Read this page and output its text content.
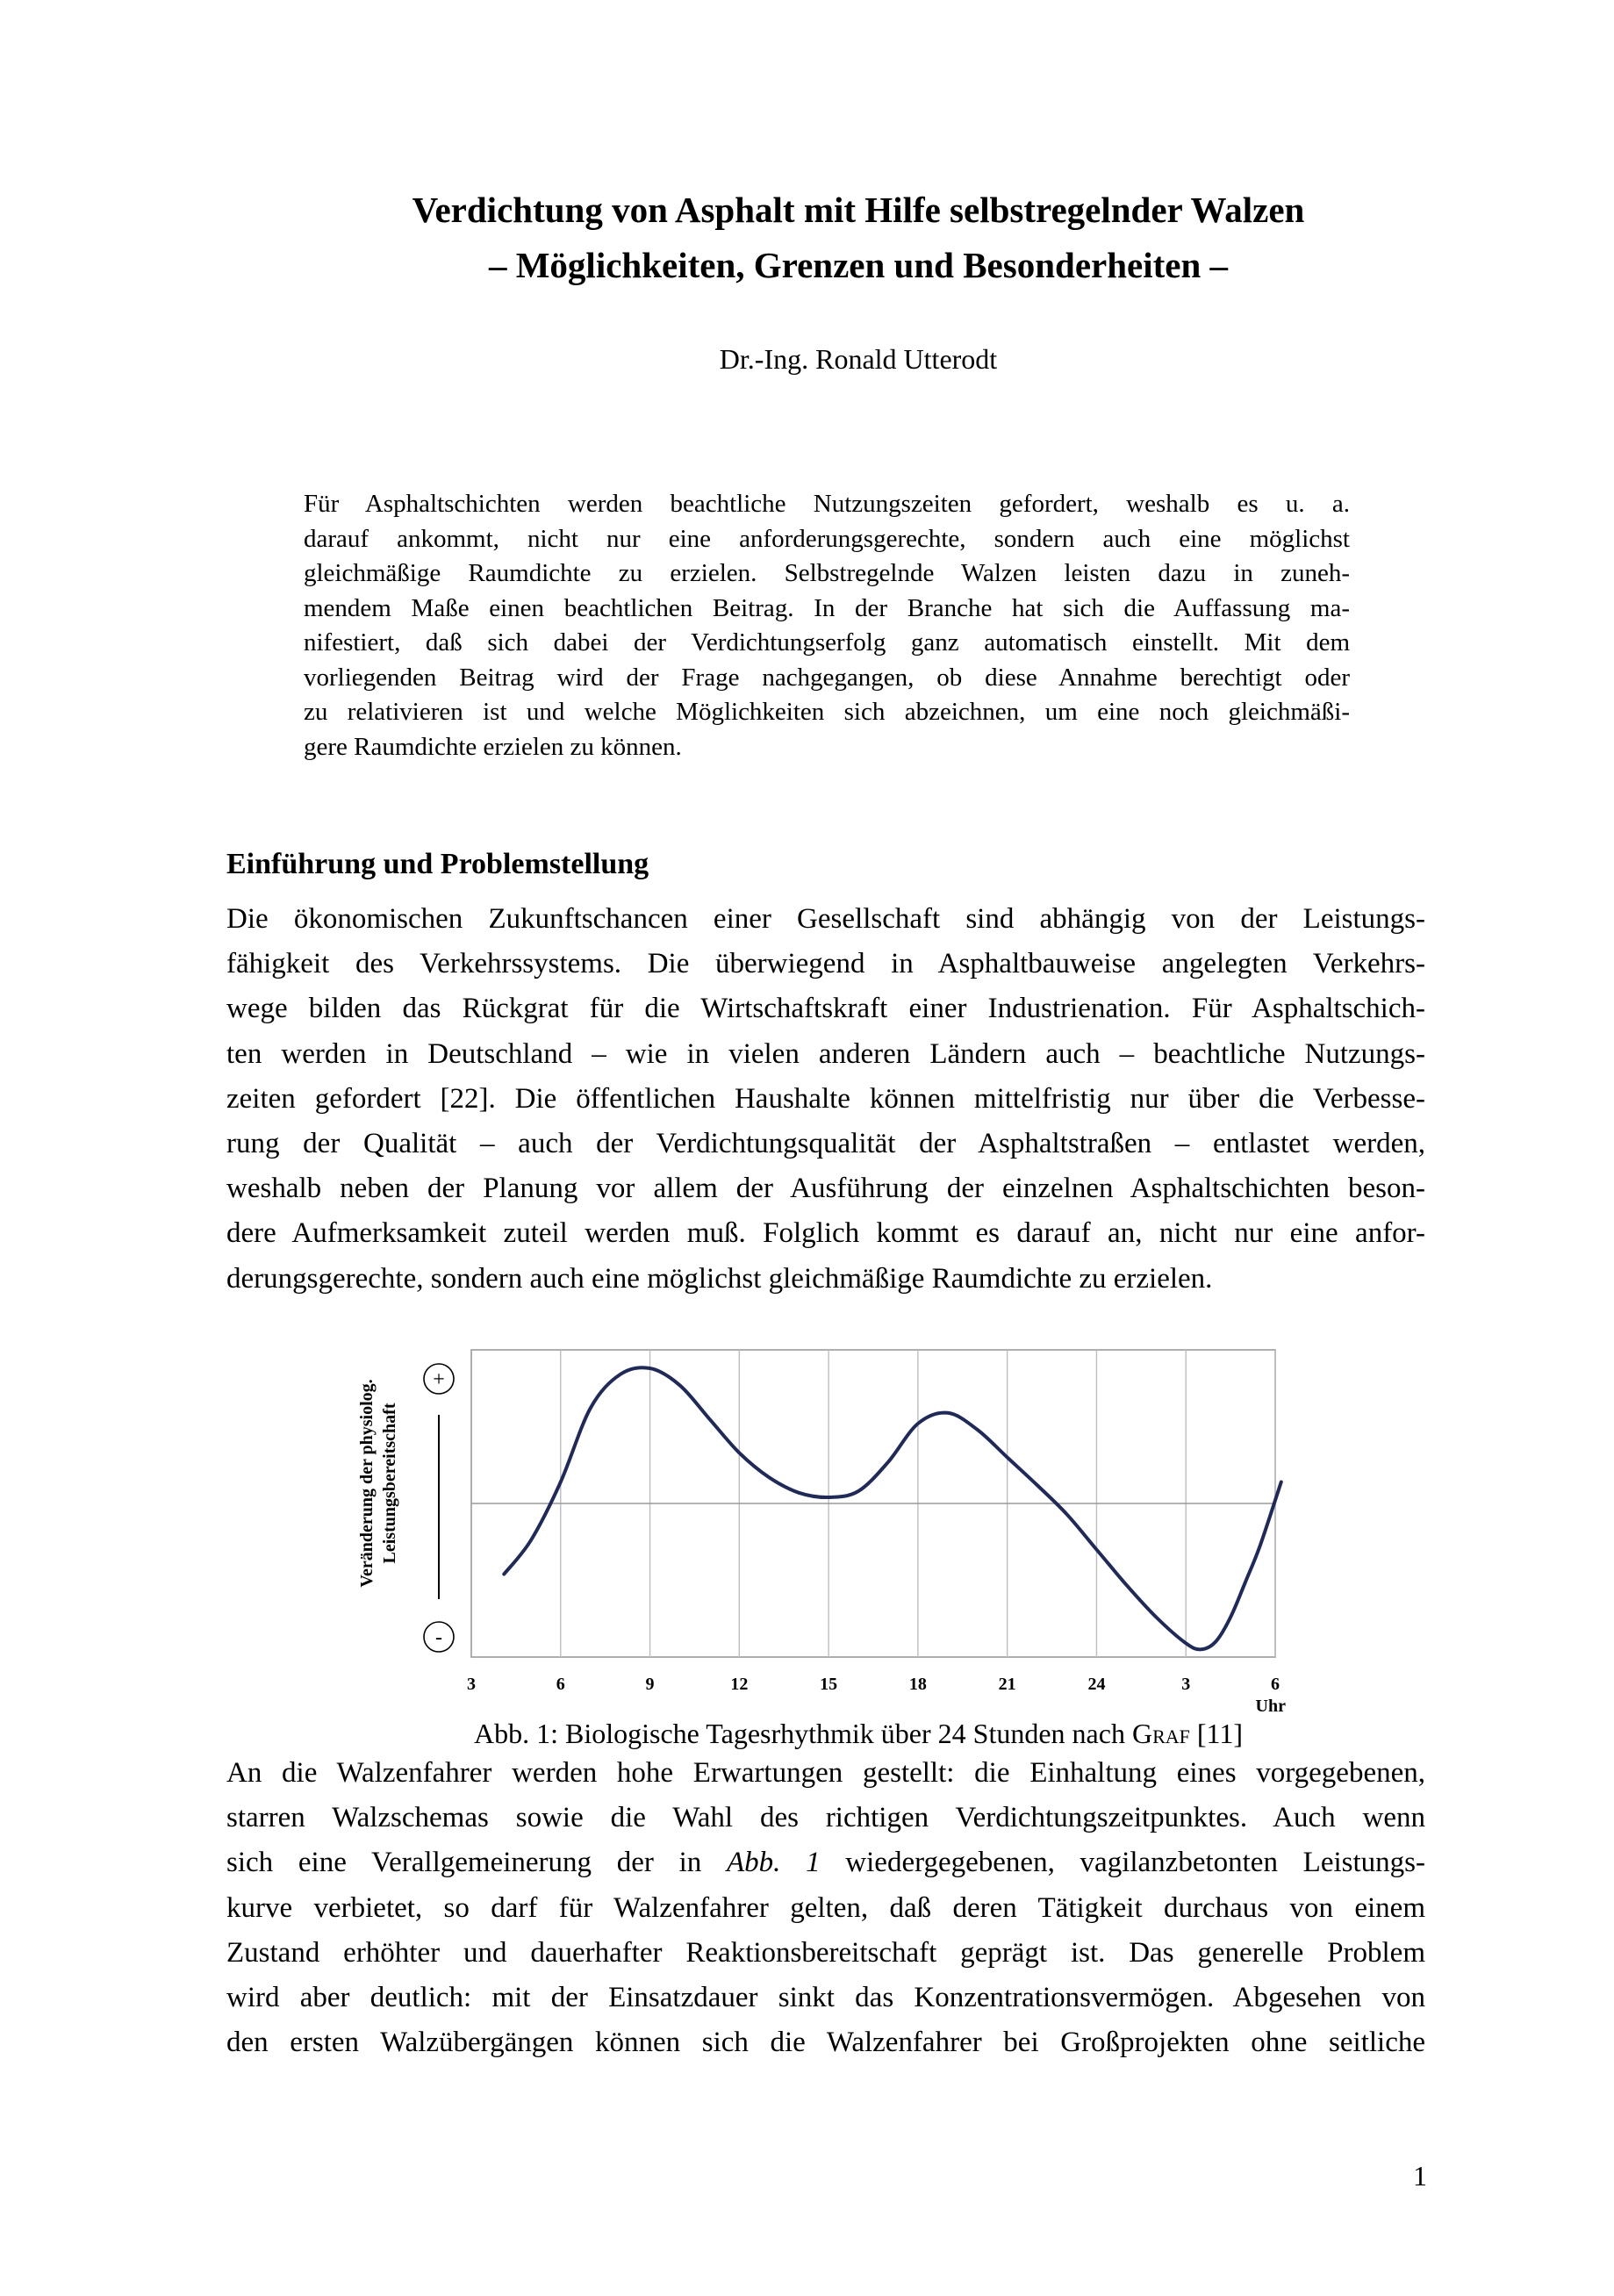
Verdichtung von Asphalt mit Hilfe selbstregelnder Walzen
– Möglichkeiten, Grenzen und Besonderheiten –
Dr.-Ing. Ronald Utterodt
Für Asphaltschichten werden beachtliche Nutzungszeiten gefordert, weshalb es u. a.
darauf ankommt, nicht nur eine anforderungsgerechte, sondern auch eine möglichst
gleichmäßige Raumdichte zu erzielen. Selbstregelnde Walzen leisten dazu in zuneh-
mendem Maße einen beachtlichen Beitrag. In der Branche hat sich die Auffassung ma-
nifestiert, daß sich dabei der Verdichtungserfolg ganz automatisch einstellt. Mit dem
vorliegenden Beitrag wird der Frage nachgegangen, ob diese Annahme berechtigt oder
zu relativieren ist und welche Möglichkeiten sich abzeichnen, um eine noch gleichmäßi-
gere Raumdichte erzielen zu können.
Einführung und Problemstellung
Die ökonomischen Zukunftschancen einer Gesellschaft sind abhängig von der Leistungs-
fähigkeit des Verkehrssystems. Die überwiegend in Asphaltbauweise angelegten Verkehrs-
wege bilden das Rückgrat für die Wirtschaftskraft einer Industrienation. Für Asphaltschich-
ten werden in Deutschland – wie in vielen anderen Ländern auch – beachtliche Nutzungs-
zeiten gefordert [22]. Die öffentlichen Haushalte können mittelfristig nur über die Verbesse-
rung der Qualität – auch der Verdichtungsqualität der Asphaltstraßen – entlastet werden,
weshalb neben der Planung vor allem der Ausführung der einzelnen Asphaltschichten beson-
dere Aufmerksamkeit zuteil werden muß. Folglich kommt es darauf an, nicht nur eine anfor-
derungsgerechte, sondern auch eine möglichst gleichmäßige Raumdichte zu erzielen.
+
-
Veränderung der physiolog. Leistungsbereitschaft
3	6	9	12	15	18	21	24	3	6
Uhr
Abb. 1: Biologische Tagesrhythmik über 24 Stunden nach Graf [11]
An die Walzenfahrer werden hohe Erwartungen gestellt: die Einhaltung eines vorgegebenen,
starren Walzschemas sowie die Wahl des richtigen Verdichtungszeitpunktes. Auch wenn
sich eine Verallgemeinerung der in Abb. 1 wiedergegebenen, vagilanzbetonten Leistungs-
kurve verbietet, so darf für Walzenfahrer gelten, daß deren Tätigkeit durchaus von einem
Zustand erhöhter und dauerhafter Reaktionsbereitschaft geprägt ist. Das generelle Problem
wird aber deutlich: mit der Einsatzdauer sinkt das Konzentrationsvermögen. Abgesehen von
den ersten Walzübergängen können sich die Walzenfahrer bei Großprojekten ohne seitliche
1
